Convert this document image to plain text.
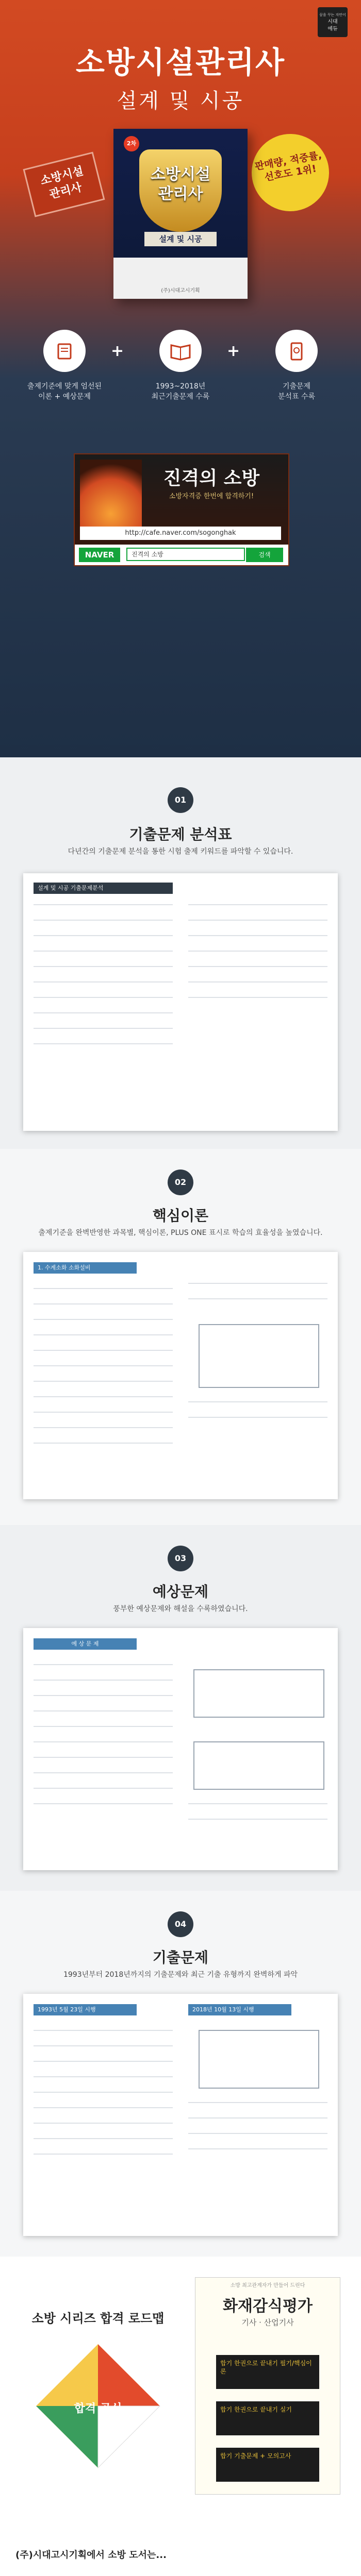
꿈을 꾸는 자만이
시대
에듀
소방시설관리사
설계 및 시공
소방시설
관리사
판매량, 적중률,
선호도 1위!
2차
소방시설
관리사
설계 및 시공
(주)시대고시기획
출제기준에 맞게 엄선된
이론 + 예상문제
+
1993~2018년
최근기출문제 수록
+
기출문제
분석표 수록
진격의 소방
소방자격증 한번에 합격하기!
http://cafe.naver.com/sogonghak
NAVER	진격의 소방	검색
01
기출문제 분석표
다년간의 기출문제 분석을 통한 시험 출제 키워드를 파악할 수 있습니다.
설계 및 시공 기출문제분석
02
핵심이론
출제기준을 완벽반영한 과목별, 핵심이론, PLUS ONE 표시로 학습의 효율성을 높였습니다.
1. 수계소화 소화설비
03
예상문제
풍부한 예상문제와 해설을 수록하였습니다.
예 상 문 제
04
기출문제
1993년부터 2018년까지의 기출문제와 최근 기출 유형까지 완벽하게 파악
1993년 5월 23일 시행	2018년 10월 13일 시행
소방 시리즈 합격 로드맵
합격 공식
소방 최고관계자가 만들어 드린다
화재감식평가
기사 · 산업기사
합기 한권으로 끝내기 필기/핵심이론
합기 한권으로 끝내기 실기
합기 기출문제 + 모의고사
(주)시대고시기획에서 소방 도서는...
